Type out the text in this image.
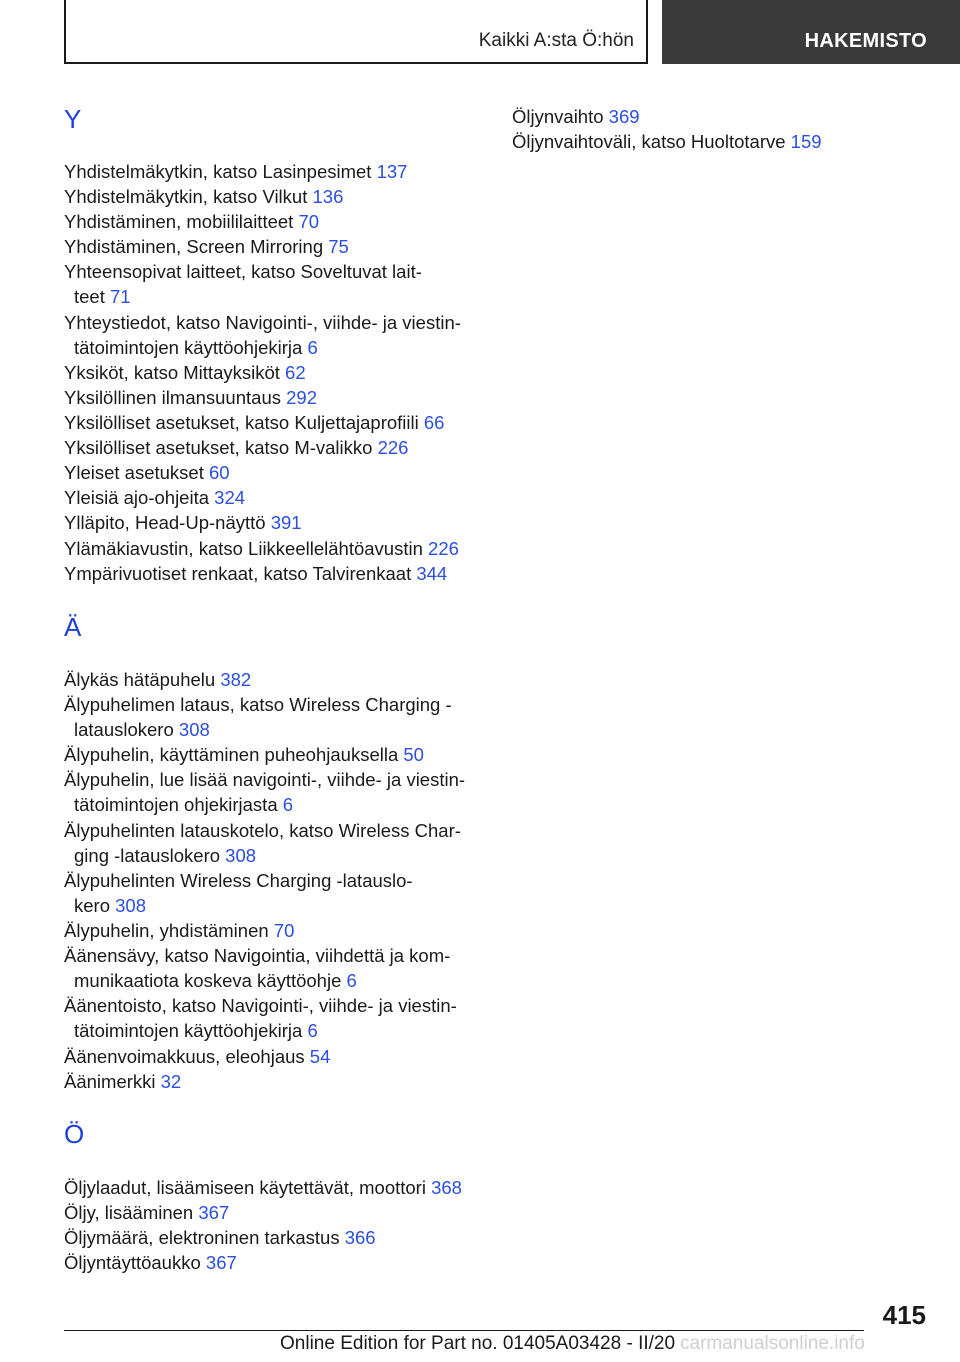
Kaikki A:sta Ö:hön	HAKEMISTO
Y
Yhdistelmäkytkin, katso Lasinpesimet 137
Yhdistelmäkytkin, katso Vilkut 136
Yhdistäminen, mobiililaitteet 70
Yhdistäminen, Screen Mirroring 75
Yhteensopivat laitteet, katso Soveltuvat lait-
teet 71
Yhteystiedot, katso Navigointi-, viihde- ja viestin-
tätoimintojen käyttöohjekirja 6
Yksiköt, katso Mittayksiköt 62
Yksilöllinen ilmansuuntaus 292
Yksilölliset asetukset, katso Kuljettajaprofiili 66
Yksilölliset asetukset, katso M-valikko 226
Yleiset asetukset 60
Yleisiä ajo-ohjeita 324
Ylläpito, Head-Up-näyttö 391
Ylämäkiavustin, katso Liikkeellelähtöavustin 226
Ympärivuotiset renkaat, katso Talvirenkaat 344
Ä
Älykäs hätäpuhelu 382
Älypuhelimen lataus, katso Wireless Charging -
latauslokero 308
Älypuhelin, käyttäminen puheohjauksella 50
Älypuhelin, lue lisää navigointi-, viihde- ja viestin-
tätoimintojen ohjekirjasta 6
Älypuhelinten latauskotelo, katso Wireless Char-
ging -latauslokero 308
Älypuhelinten Wireless Charging -latauslo-
kero 308
Älypuhelin, yhdistäminen 70
Äänensävy, katso Navigointia, viihdettä ja kom-
munikaatiota koskeva käyttöohje 6
Äänentoisto, katso Navigointi-, viihde- ja viestin-
tätoimintojen käyttöohjekirja 6
Äänenvoimakkuus, eleohjaus 54
Äänimerkki 32
Ö
Öljylaadut, lisäämiseen käytettävät, moottori 368
Öljy, lisääminen 367
Öljymäärä, elektroninen tarkastus 366
Öljyntäyttöaukko 367
Öljynvaihto 369
Öljynvaihtoväli, katso Huoltotarve 159
415
Online Edition for Part no. 01405A03428 - II/20 carmanualsonline.info
